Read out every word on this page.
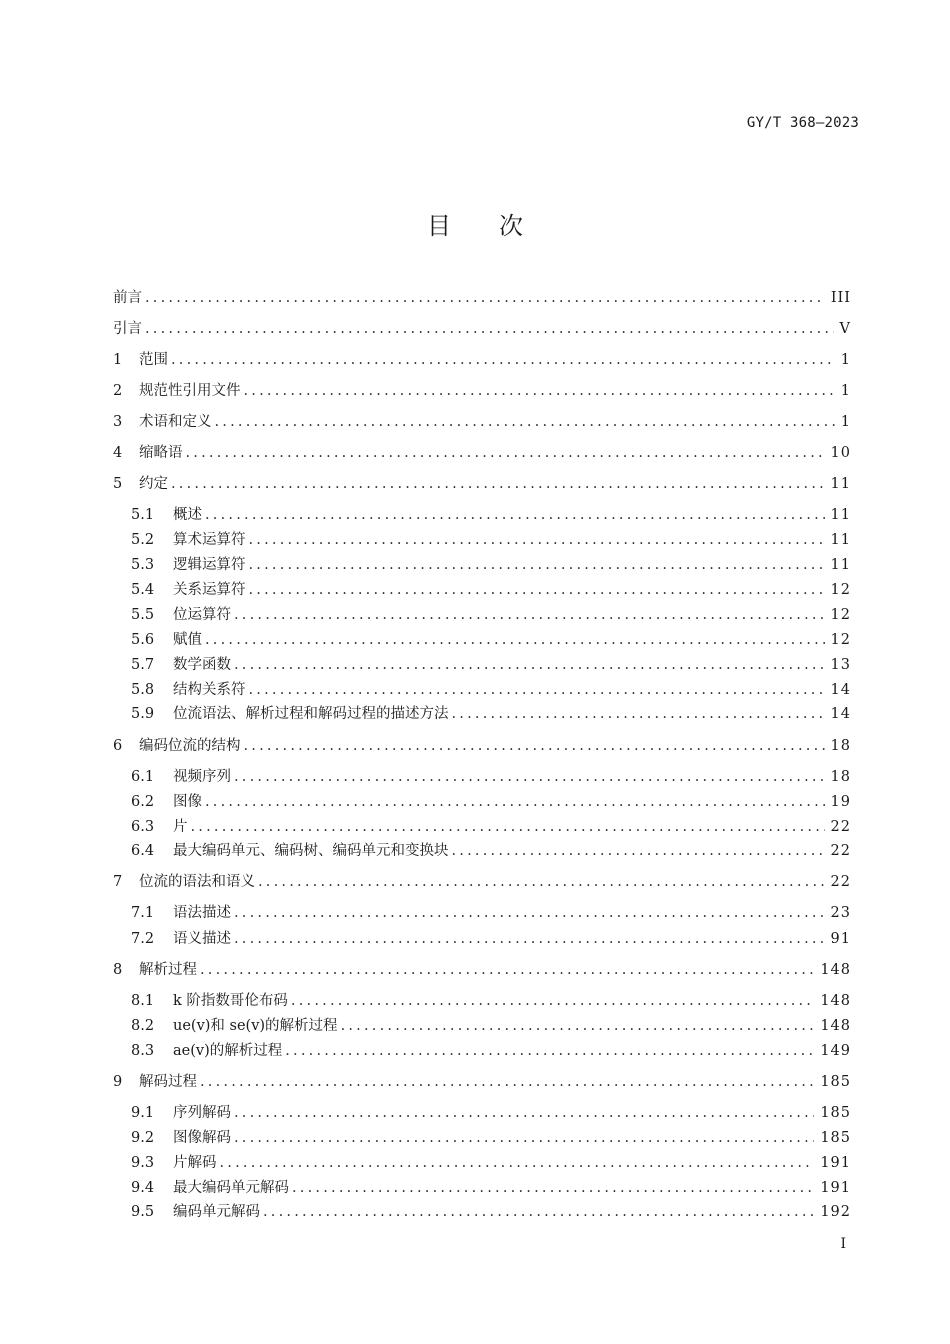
GY/T 368—2023
目次
前言 .....	III
引言 .....	V
1	范围 .....	1
2	规范性引用文件 .....	1
3	术语和定义 .....	1
4	缩略语 .....	10
5	约定 .....	11
5.1	概述 .....	11
5.2	算术运算符 .....	11
5.3	逻辑运算符 .....	11
5.4	关系运算符 .....	12
5.5	位运算符 .....	12
5.6	赋值 .....	12
5.7	数学函数 .....	13
5.8	结构关系符 .....	14
5.9	位流语法、解析过程和解码过程的描述方法 .....	14
6	编码位流的结构 .....	18
6.1	视频序列 .....	18
6.2	图像 .....	19
6.3	片 .....	22
6.4	最大编码单元、编码树、编码单元和变换块 .....	22
7	位流的语法和语义 .....	22
7.1	语法描述 .....	23
7.2	语义描述 .....	91
8	解析过程 .....	148
8.1	k 阶指数哥伦布码 .....	148
8.2	ue(v)和 se(v)的解析过程 .....	148
8.3	ae(v)的解析过程 .....	149
9	解码过程 .....	185
9.1	序列解码 .....	185
9.2	图像解码 .....	185
9.3	片解码 .....	191
9.4	最大编码单元解码 .....	191
9.5	编码单元解码 .....	192
I
